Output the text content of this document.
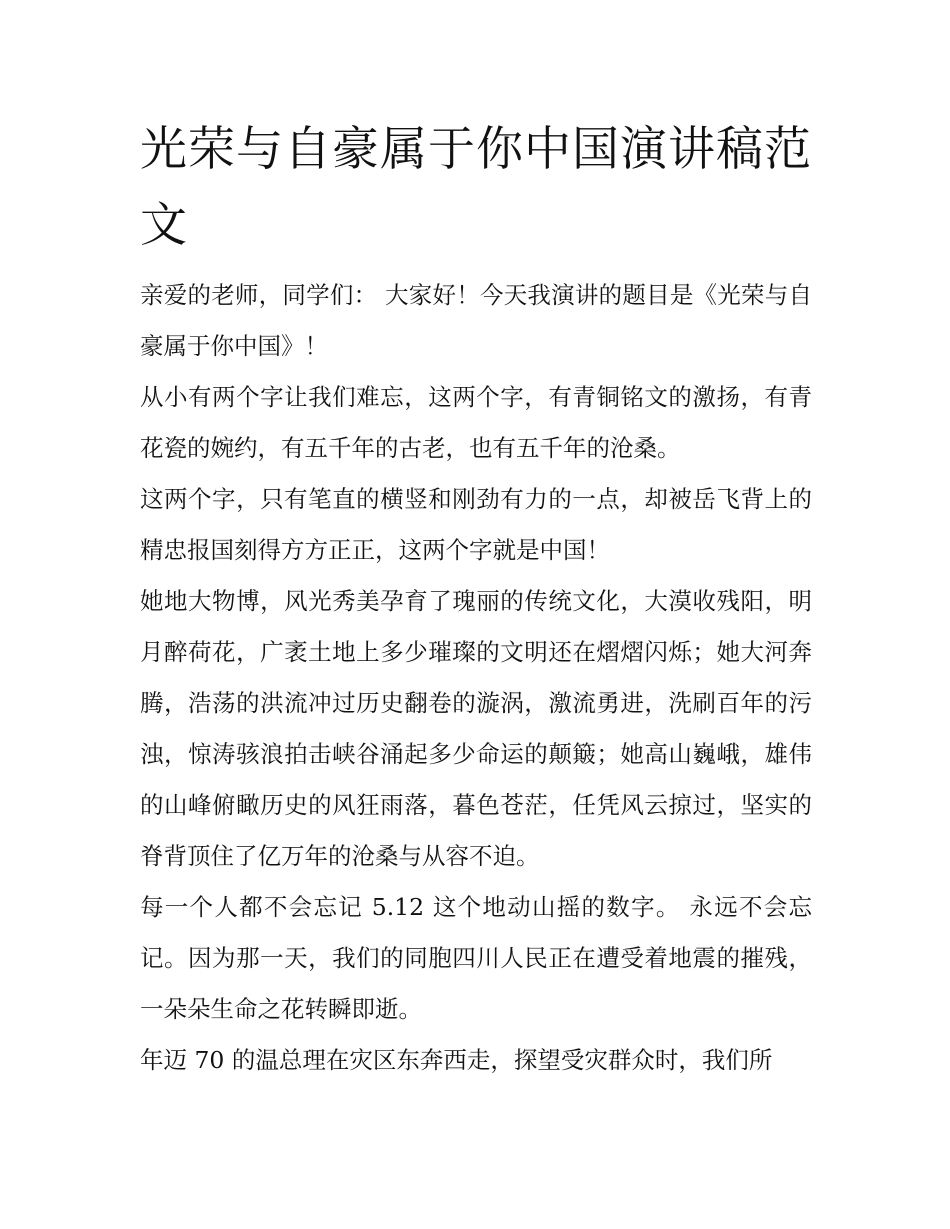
光荣与自豪属于你中国演讲稿范文

亲爱的老师，同学们： 大家好！今天我演讲的题目是《光荣与自豪属于你中国》！

从小有两个字让我们难忘，这两个字，有青铜铭文的激扬，有青花瓷的婉约，有五千年的古老，也有五千年的沧桑。

这两个字，只有笔直的横竖和刚劲有力的一点，却被岳飞背上的精忠报国刻得方方正正，这两个字就是中国！

她地大物博，风光秀美孕育了瑰丽的传统文化，大漠收残阳，明月醉荷花，广袤土地上多少璀璨的文明还在熠熠闪烁；她大河奔腾，浩荡的洪流冲过历史翻卷的漩涡，激流勇进，洗刷百年的污浊，惊涛骇浪拍击峡谷涌起多少命运的颠簸；她高山巍峨，雄伟的山峰俯瞰历史的风狂雨落，暮色苍茫，任凭风云掠过，坚实的脊背顶住了亿万年的沧桑与从容不迫。

每一个人都不会忘记 5.12 这个地动山摇的数字。 永远不会忘记。因为那一天，我们的同胞四川人民正在遭受着地震的摧残，一朵朵生命之花转瞬即逝。

年迈 70 的温总理在灾区东奔西走，探望受灾群众时，我们所
